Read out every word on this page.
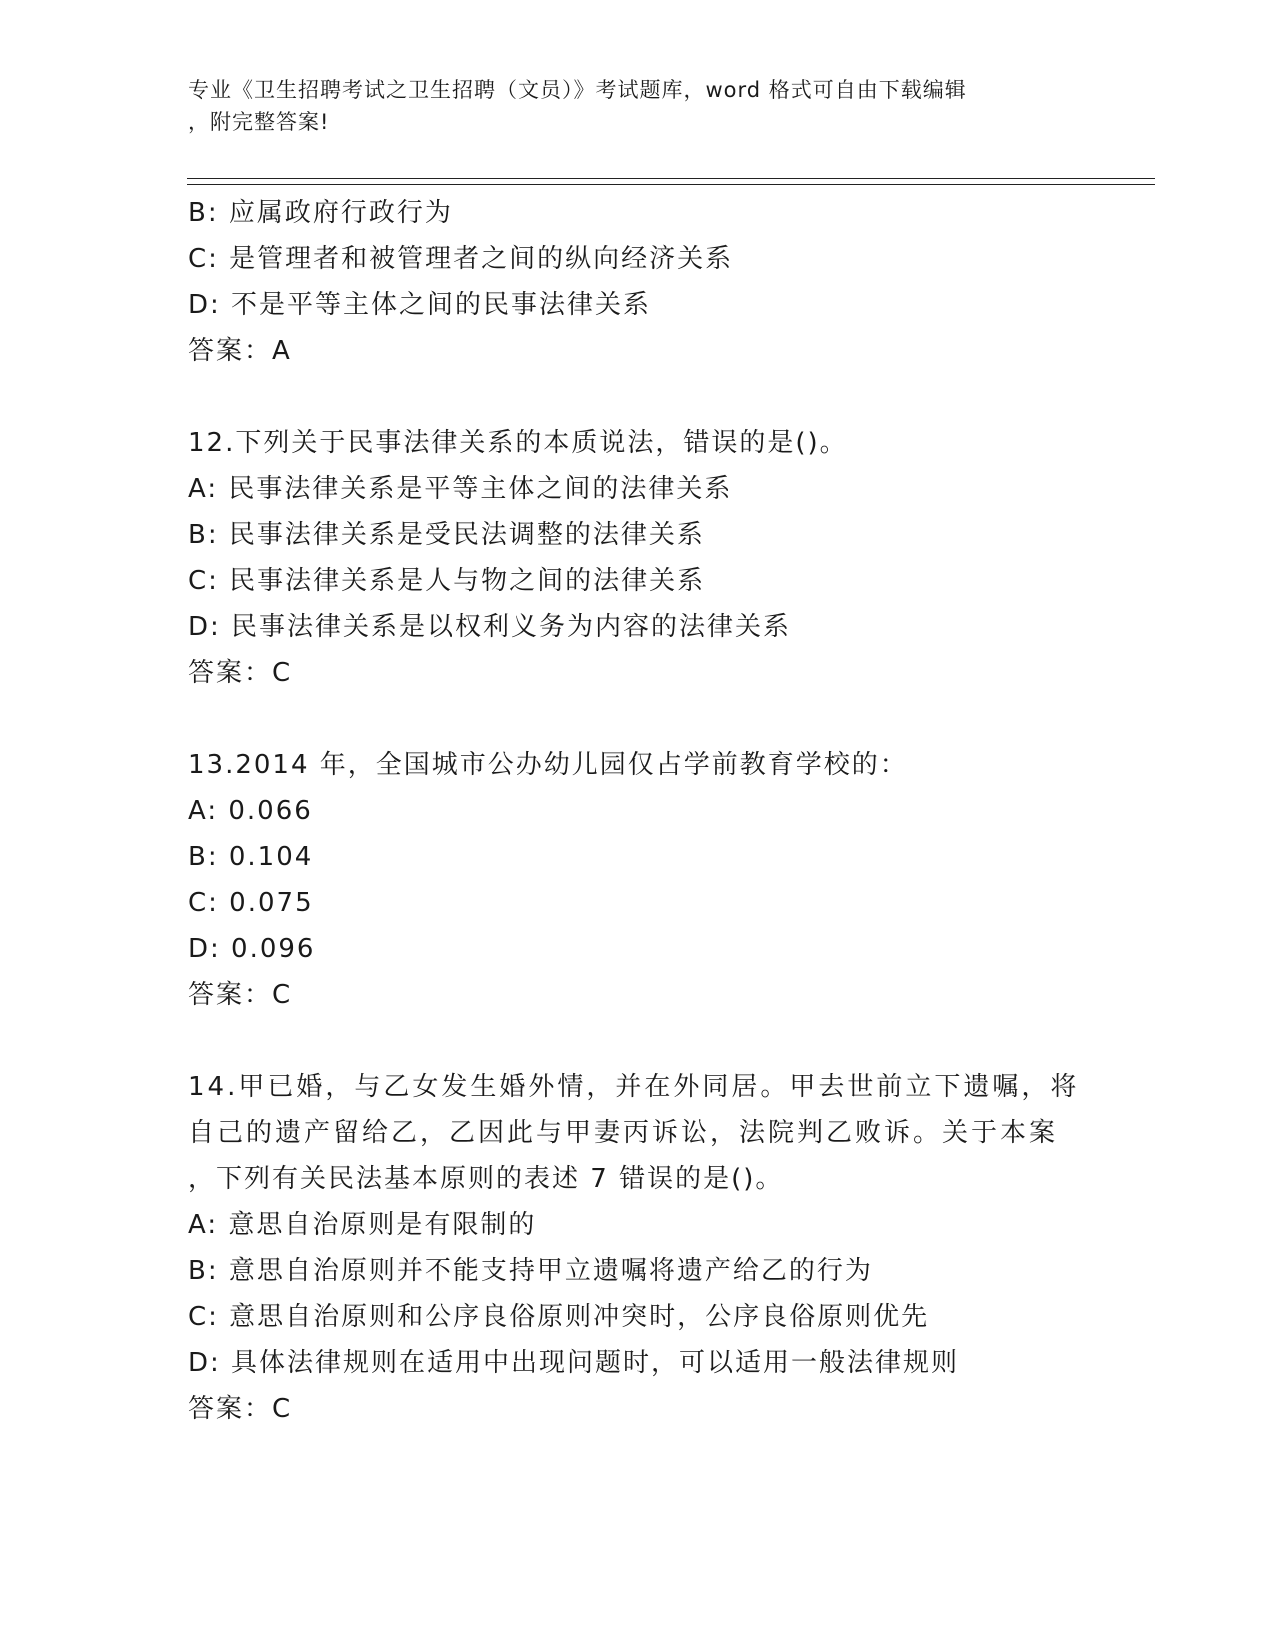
专业《卫生招聘考试之卫生招聘（文员）》考试题库，word 格式可自由下载编辑
，附完整答案!
B: 应属政府行政行为
C: 是管理者和被管理者之间的纵向经济关系
D: 不是平等主体之间的民事法律关系
答案：A
12.下列关于民事法律关系的本质说法，错误的是()。
A: 民事法律关系是平等主体之间的法律关系
B: 民事法律关系是受民法调整的法律关系
C: 民事法律关系是人与物之间的法律关系
D: 民事法律关系是以权利义务为内容的法律关系
答案：C
13.2014 年，全国城市公办幼儿园仅占学前教育学校的：
A: 0.066
B: 0.104
C: 0.075
D: 0.096
答案：C
14.甲已婚，与乙女发生婚外情，并在外同居。甲去世前立下遗嘱，将
自己的遗产留给乙，乙因此与甲妻丙诉讼，法院判乙败诉。关于本案
，下列有关民法基本原则的表述 7 错误的是()。
A: 意思自治原则是有限制的
B: 意思自治原则并不能支持甲立遗嘱将遗产给乙的行为
C: 意思自治原则和公序良俗原则冲突时，公序良俗原则优先
D: 具体法律规则在适用中出现问题时，可以适用一般法律规则
答案：C
